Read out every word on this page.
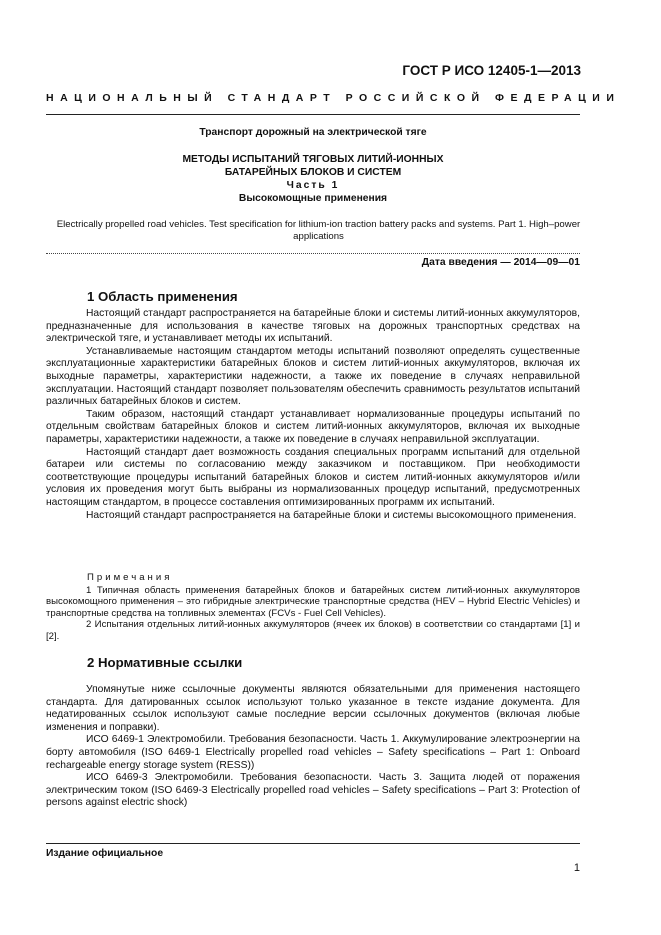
ГОСТ Р ИСО 12405-1—2013
НАЦИОНАЛЬНЫЙ СТАНДАРТ РОССИЙСКОЙ ФЕДЕРАЦИИ
Транспорт дорожный на электрической тяге
МЕТОДЫ ИСПЫТАНИЙ ТЯГОВЫХ ЛИТИЙ-ИОННЫХ
БАТАРЕЙНЫХ БЛОКОВ И СИСТЕМ
Часть 1
Высокомощные применения
Electrically propelled road vehicles. Test specification for lithium-ion traction battery packs and systems. Part 1. High–power applications
Дата введения — 2014—09—01
1 Область применения

Настоящий стандарт распространяется на батарейные блоки и системы литий-ионных аккумуляторов, предназначенные для использования в качестве тяговых на дорожных транспортных средствах на электрической тяге, и устанавливает методы их испытаний.

Устанавливаемые настоящим стандартом методы испытаний позволяют определять существенные эксплуатационные характеристики батарейных блоков и систем литий-ионных аккумуляторов, включая их выходные параметры, характеристики надежности, а также их поведение в случаях неправильной эксплуатации. Настоящий стандарт позволяет пользователям обеспечить сравнимость результатов испытаний различных батарейных блоков и систем.

Таким образом, настоящий стандарт устанавливает нормализованные процедуры испытаний по отдельным свойствам батарейных блоков и систем литий-ионных аккумуляторов, включая их выходные параметры, характеристики надежности, а также их поведение в случаях неправильной эксплуатации.

Настоящий стандарт дает возможность создания специальных программ испытаний для отдельной батареи или системы по согласованию между заказчиком и поставщиком. При необходимости соответствующие процедуры испытаний батарейных блоков и систем литий-ионных аккумуляторов и/или условия их проведения могут быть выбраны из нормализованных процедур испытаний, предусмотренных настоящим стандартом, в процессе составления оптимизированных программ их испытаний.

Настоящий стандарт распространяется на батарейные блоки и системы высокомощного применения.

Примечания

1 Типичная область применения батарейных блоков и батарейных систем литий-ионных аккумуляторов высокомощного применения – это гибридные электрические транспортные средства (HEV – Hybrid Electric Vehicles) и транспортные средства на топливных элементах (FCVs - Fuel Cell Vehicles).

2 Испытания отдельных литий-ионных аккумуляторов (ячеек их блоков) в соответствии со стандартами [1] и [2].

2 Нормативные ссылки

Упомянутые ниже ссылочные документы являются обязательными для применения настоящего стандарта. Для датированных ссылок используют только указанное в тексте издание документа. Для недатированных ссылок используют самые последние версии ссылочных документов (включая любые изменения и поправки).

ИСО 6469-1 Электромобили. Требования безопасности. Часть 1. Аккумулирование электроэнергии на борту автомобиля (ISO 6469-1 Electrically propelled road vehicles – Safety specifications – Part 1: Onboard rechargeable energy storage system (RESS))

ИСО 6469-3 Электромобили. Требования безопасности. Часть 3. Защита людей от поражения электрическим током (ISO 6469-3 Electrically propelled road vehicles – Safety specifications – Part 3: Protection of persons against electric shock)

Издание официальное
1
